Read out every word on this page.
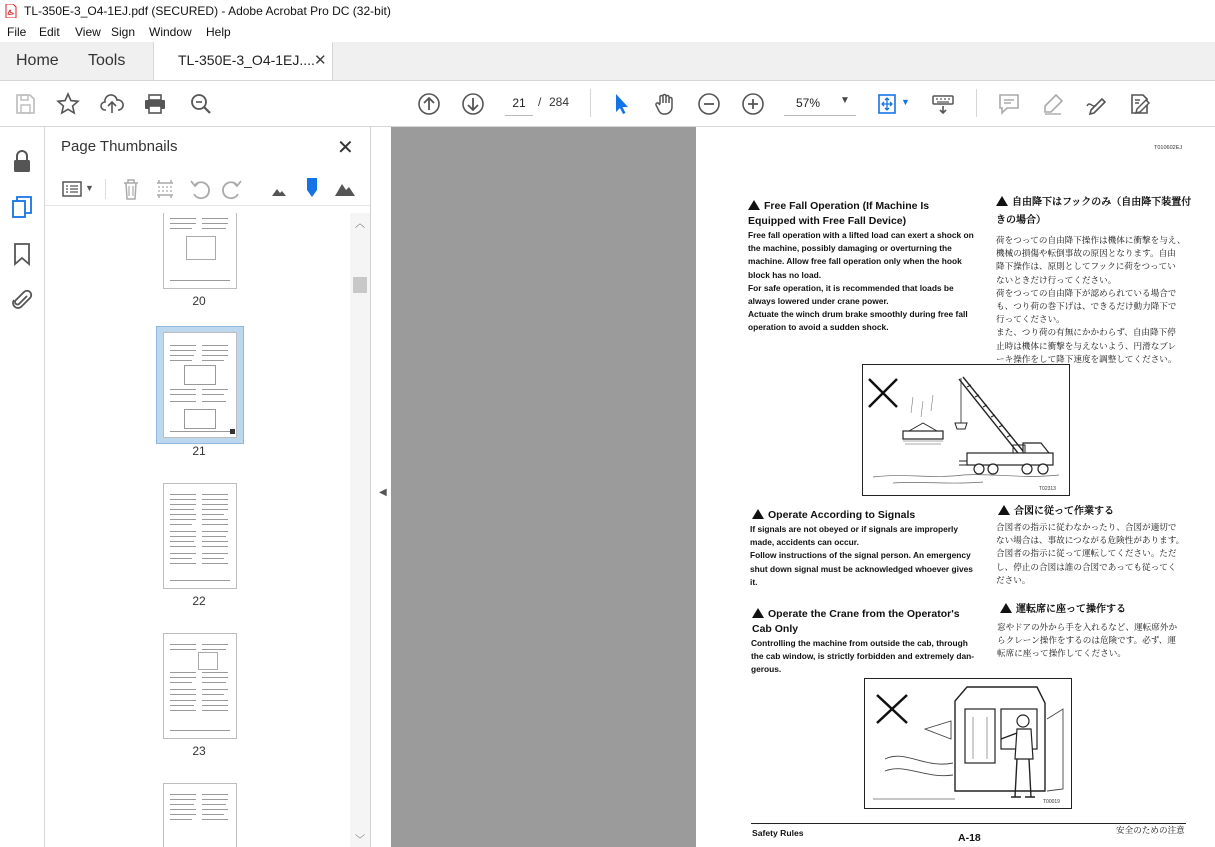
TL-350E-3_O4-1EJ.pdf (SECURED) - Adobe Acrobat Pro DC (32-bit)
File Edit View Sign Window Help
Home Tools	TL-350E-3_O4-1EJ.... ✕
21	/ 284	57% ▼	▼
Page Thumbnails	✕
▼
20
21
22
23
︿
﹀
◀
T010602EJ
Free Fall Operation (If Machine Is Equipped with Free Fall Device)
Free fall operation with a lifted load can exert a shock on
the machine, possibly damaging or overturning the
machine. Allow free fall operation only when the hook
block has no load.
For safe operation, it is recommended that loads be
always lowered under crane power.
Actuate the winch drum brake smoothly during free fall
operation to avoid a sudden shock.
自由降下はフックのみ（自由降下装置付きの場合）
荷をつっての自由降下操作は機体に衝撃を与え、
機械の損傷や転倒事故の原因となります。自由
降下操作は、原則としてフックに荷をつってい
ないときだけ行ってください。
荷をつっての自由降下が認められている場合で
も、つり荷の巻下げは、できるだけ動力降下で
行ってください。
また、つり荷の有無にかかわらず、自由降下停
止時は機体に衝撃を与えないよう、円滑なブレ
ーキ操作をして降下速度を調整してください。
T02313
Operate According to Signals
If signals are not obeyed or if signals are improperly
made, accidents can occur.
Follow instructions of the signal person. An emergency
shut down signal must be acknowledged whoever gives
it.
合図に従って作業する
合図者の指示に従わなかったり、合図が適切で
ない場合は、事故につながる危険性があります。
合図者の指示に従って運転してください。ただ
し、停止の合図は誰の合図であっても従ってく
ださい。
Operate the Crane from the Operator's Cab Only
Controlling the machine from outside the cab, through
the cab window, is strictly forbidden and extremely dan-
gerous.
運転席に座って操作する
窓やドアの外から手を入れるなど、運転席外か
らクレーン操作をするのは危険です。必ず、運
転席に座って操作してください。
T00019
Safety Rules	A-18
安全のための注意
